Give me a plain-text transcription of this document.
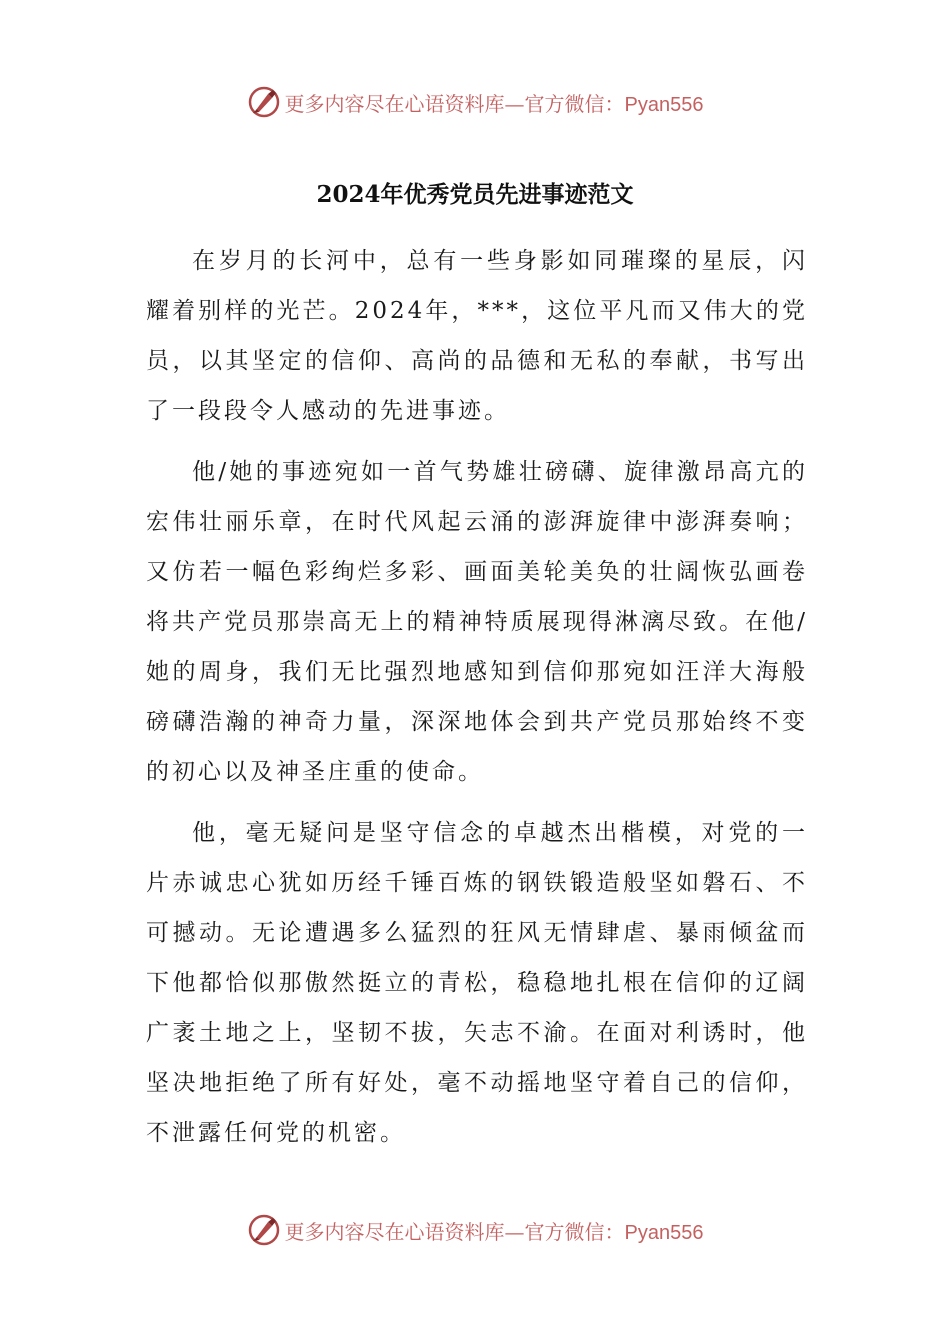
更多内容尽在心语资料库—官方微信：Pyan556
2024年优秀党员先进事迹范文

在岁月的长河中，总有一些身影如同璀璨的星辰，闪耀着别样的光芒。2024年，***，这位平凡而又伟大的党员，以其坚定的信仰、高尚的品德和无私的奉献，书写出了一段段令人感动的先进事迹。

他/她的事迹宛如一首气势雄壮磅礴、旋律激昂高亢的宏伟壮丽乐章，在时代风起云涌的澎湃旋律中澎湃奏响；又仿若一幅色彩绚烂多彩、画面美轮美奂的壮阔恢弘画卷将共产党员那崇高无上的精神特质展现得淋漓尽致。在他/她的周身，我们无比强烈地感知到信仰那宛如汪洋大海般磅礴浩瀚的神奇力量，深深地体会到共产党员那始终不变的初心以及神圣庄重的使命。

他，毫无疑问是坚守信念的卓越杰出楷模，对党的一片赤诚忠心犹如历经千锤百炼的钢铁锻造般坚如磐石、不可撼动。无论遭遇多么猛烈的狂风无情肆虐、暴雨倾盆而下他都恰似那傲然挺立的青松，稳稳地扎根在信仰的辽阔广袤土地之上，坚韧不拔，矢志不渝。在面对利诱时，他坚决地拒绝了所有好处，毫不动摇地坚守着自己的信仰，不泄露任何党的机密。

更多内容尽在心语资料库—官方微信：Pyan556
